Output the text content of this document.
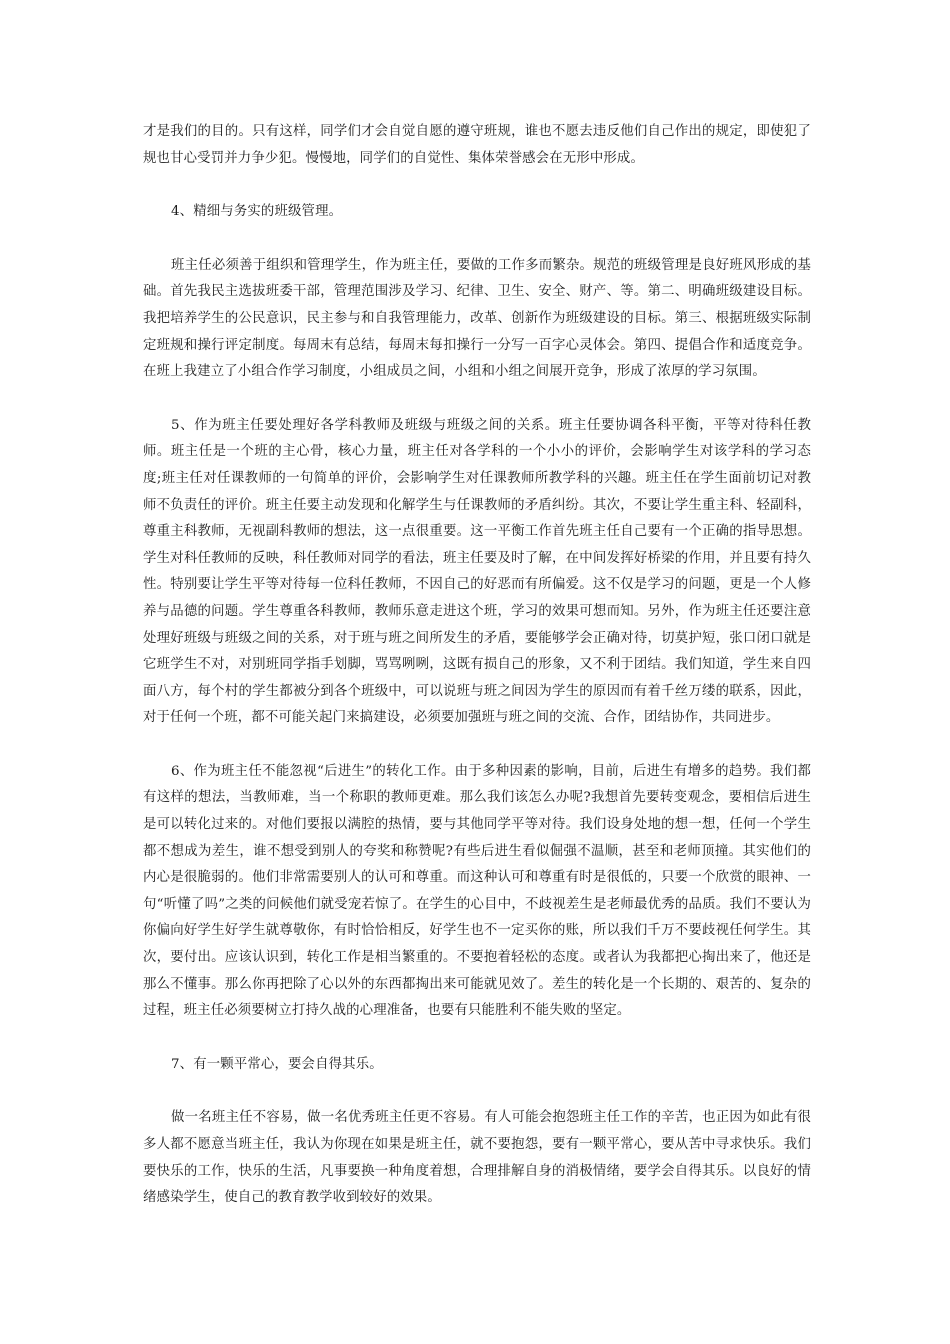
才是我们的目的。只有这样，同学们才会自觉自愿的遵守班规，谁也不愿去违反他们自己作出的规定，即使犯了规也甘心受罚并力争少犯。慢慢地，同学们的自觉性、集体荣誉感会在无形中形成。

4、精细与务实的班级管理。

班主任必须善于组织和管理学生，作为班主任，要做的工作多而繁杂。规范的班级管理是良好班风形成的基础。首先我民主选拔班委干部，管理范围涉及学习、纪律、卫生、安全、财产、等。第二、明确班级建设目标。我把培养学生的公民意识，民主参与和自我管理能力，改革、创新作为班级建设的目标。第三、根据班级实际制定班规和操行评定制度。每周末有总结，每周末每扣操行一分写一百字心灵体会。第四、提倡合作和适度竞争。在班上我建立了小组合作学习制度，小组成员之间，小组和小组之间展开竞争，形成了浓厚的学习氛围。

5、作为班主任要处理好各学科教师及班级与班级之间的关系。班主任要协调各科平衡，平等对待科任教师。班主任是一个班的主心骨，核心力量，班主任对各学科的一个小小的评价，会影响学生对该学科的学习态度;班主任对任课教师的一句简单的评价，会影响学生对任课教师所教学科的兴趣。班主任在学生面前切记对教师不负责任的评价。班主任要主动发现和化解学生与任课教师的矛盾纠纷。其次，不要让学生重主科、轻副科，尊重主科教师，无视副科教师的想法，这一点很重要。这一平衡工作首先班主任自己要有一个正确的指导思想。学生对科任教师的反映，科任教师对同学的看法，班主任要及时了解，在中间发挥好桥梁的作用，并且要有持久性。特别要让学生平等对待每一位科任教师，不因自己的好恶而有所偏爱。这不仅是学习的问题，更是一个人修养与品德的问题。学生尊重各科教师，教师乐意走进这个班，学习的效果可想而知。另外，作为班主任还要注意处理好班级与班级之间的关系，对于班与班之间所发生的矛盾，要能够学会正确对待，切莫护短，张口闭口就是它班学生不对，对别班同学指手划脚，骂骂咧咧，这既有损自己的形象，又不利于团结。我们知道，学生来自四面八方，每个村的学生都被分到各个班级中，可以说班与班之间因为学生的原因而有着千丝万缕的联系，因此，对于任何一个班，都不可能关起门来搞建设，必须要加强班与班之间的交流、合作，团结协作，共同进步。

6、作为班主任不能忽视“后进生”的转化工作。由于多种因素的影响，目前，后进生有增多的趋势。我们都有这样的想法，当教师难，当一个称职的教师更难。那么我们该怎么办呢?我想首先要转变观念，要相信后进生是可以转化过来的。对他们要报以满腔的热情，要与其他同学平等对待。我们设身处地的想一想，任何一个学生都不想成为差生，谁不想受到别人的夸奖和称赞呢?有些后进生看似倔强不温顺，甚至和老师顶撞。其实他们的内心是很脆弱的。他们非常需要别人的认可和尊重。而这种认可和尊重有时是很低的，只要一个欣赏的眼神、一句“听懂了吗”之类的问候他们就受宠若惊了。在学生的心目中，不歧视差生是老师最优秀的品质。我们不要认为你偏向好学生好学生就尊敬你，有时恰恰相反，好学生也不一定买你的账，所以我们千万不要歧视任何学生。其次，要付出。应该认识到，转化工作是相当繁重的。不要抱着轻松的态度。或者认为我都把心掏出来了，他还是那么不懂事。那么你再把除了心以外的东西都掏出来可能就见效了。差生的转化是一个长期的、艰苦的、复杂的过程，班主任必须要树立打持久战的心理准备，也要有只能胜利不能失败的坚定。

7、有一颗平常心，要会自得其乐。

做一名班主任不容易，做一名优秀班主任更不容易。有人可能会抱怨班主任工作的辛苦，也正因为如此有很多人都不愿意当班主任，我认为你现在如果是班主任，就不要抱怨，要有一颗平常心，要从苦中寻求快乐。我们要快乐的工作，快乐的生活，凡事要换一种角度着想，合理排解自身的消极情绪，要学会自得其乐。以良好的情绪感染学生，使自己的教育教学收到较好的效果。
